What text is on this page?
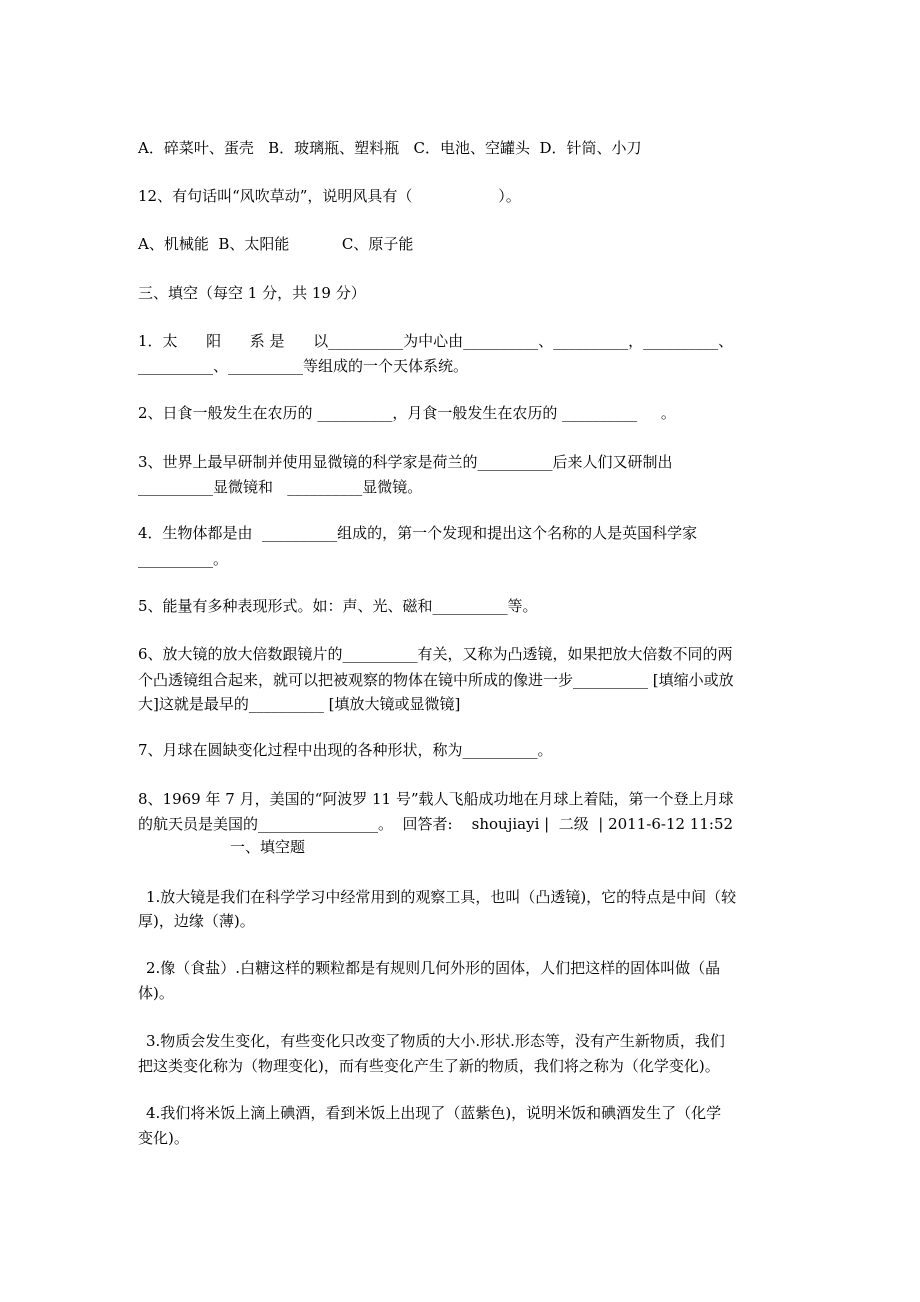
A．碎菜叶、蛋壳   B．玻璃瓶、塑料瓶   C．电池、空罐头  D．针筒、小刀
12、有句话叫“风吹草动”，说明风具有（                  ）。
A、机械能  B、太阳能           C、原子能
三、填空（每空 1 分，共 19 分）
1．太      阳      系 是      以__________为中心由__________、__________，__________、
__________、__________等组成的一个天体系统。
2、日食一般发生在农历的 __________，月食一般发生在农历的 __________     。
3、世界上最早研制并使用显微镜的科学家是荷兰的__________后来人们又研制出
__________显微镜和   __________显微镜。
4．生物体都是由  __________组成的，第一个发现和提出这个名称的人是英国科学家
__________。
5、能量有多种表现形式。如：声、光、磁和__________等。
6、放大镜的放大倍数跟镜片的__________有关，又称为凸透镜，如果把放大倍数不同的两
个凸透镜组合起来，就可以把被观察的物体在镜中所成的像进一步__________ [填缩小或放
大]这就是最早的__________ [填放大镜或显微镜]
7、月球在圆缺变化过程中出现的各种形状，称为__________。
8、1969 年 7 月，美国的“阿波罗 11 号”载人飞船成功地在月球上着陆，第一个登上月球
的航天员是美国的________________。  回答者:    shoujiayi |  二级  | 2011-6-12 11:52
一、填空题
1.放大镜是我们在科学学习中经常用到的观察工具，也叫（凸透镜)，它的特点是中间（较
厚)，边缘（薄)。
2.像（食盐）.白糖这样的颗粒都是有规则几何外形的固体，人们把这样的固体叫做（晶
体)。
3.物质会发生变化，有些变化只改变了物质的大小.形状.形态等，没有产生新物质，我们
把这类变化称为（物理变化)，而有些变化产生了新的物质，我们将之称为（化学变化)。
4.我们将米饭上滴上碘酒，看到米饭上出现了（蓝紫色)，说明米饭和碘酒发生了（化学
变化)。
